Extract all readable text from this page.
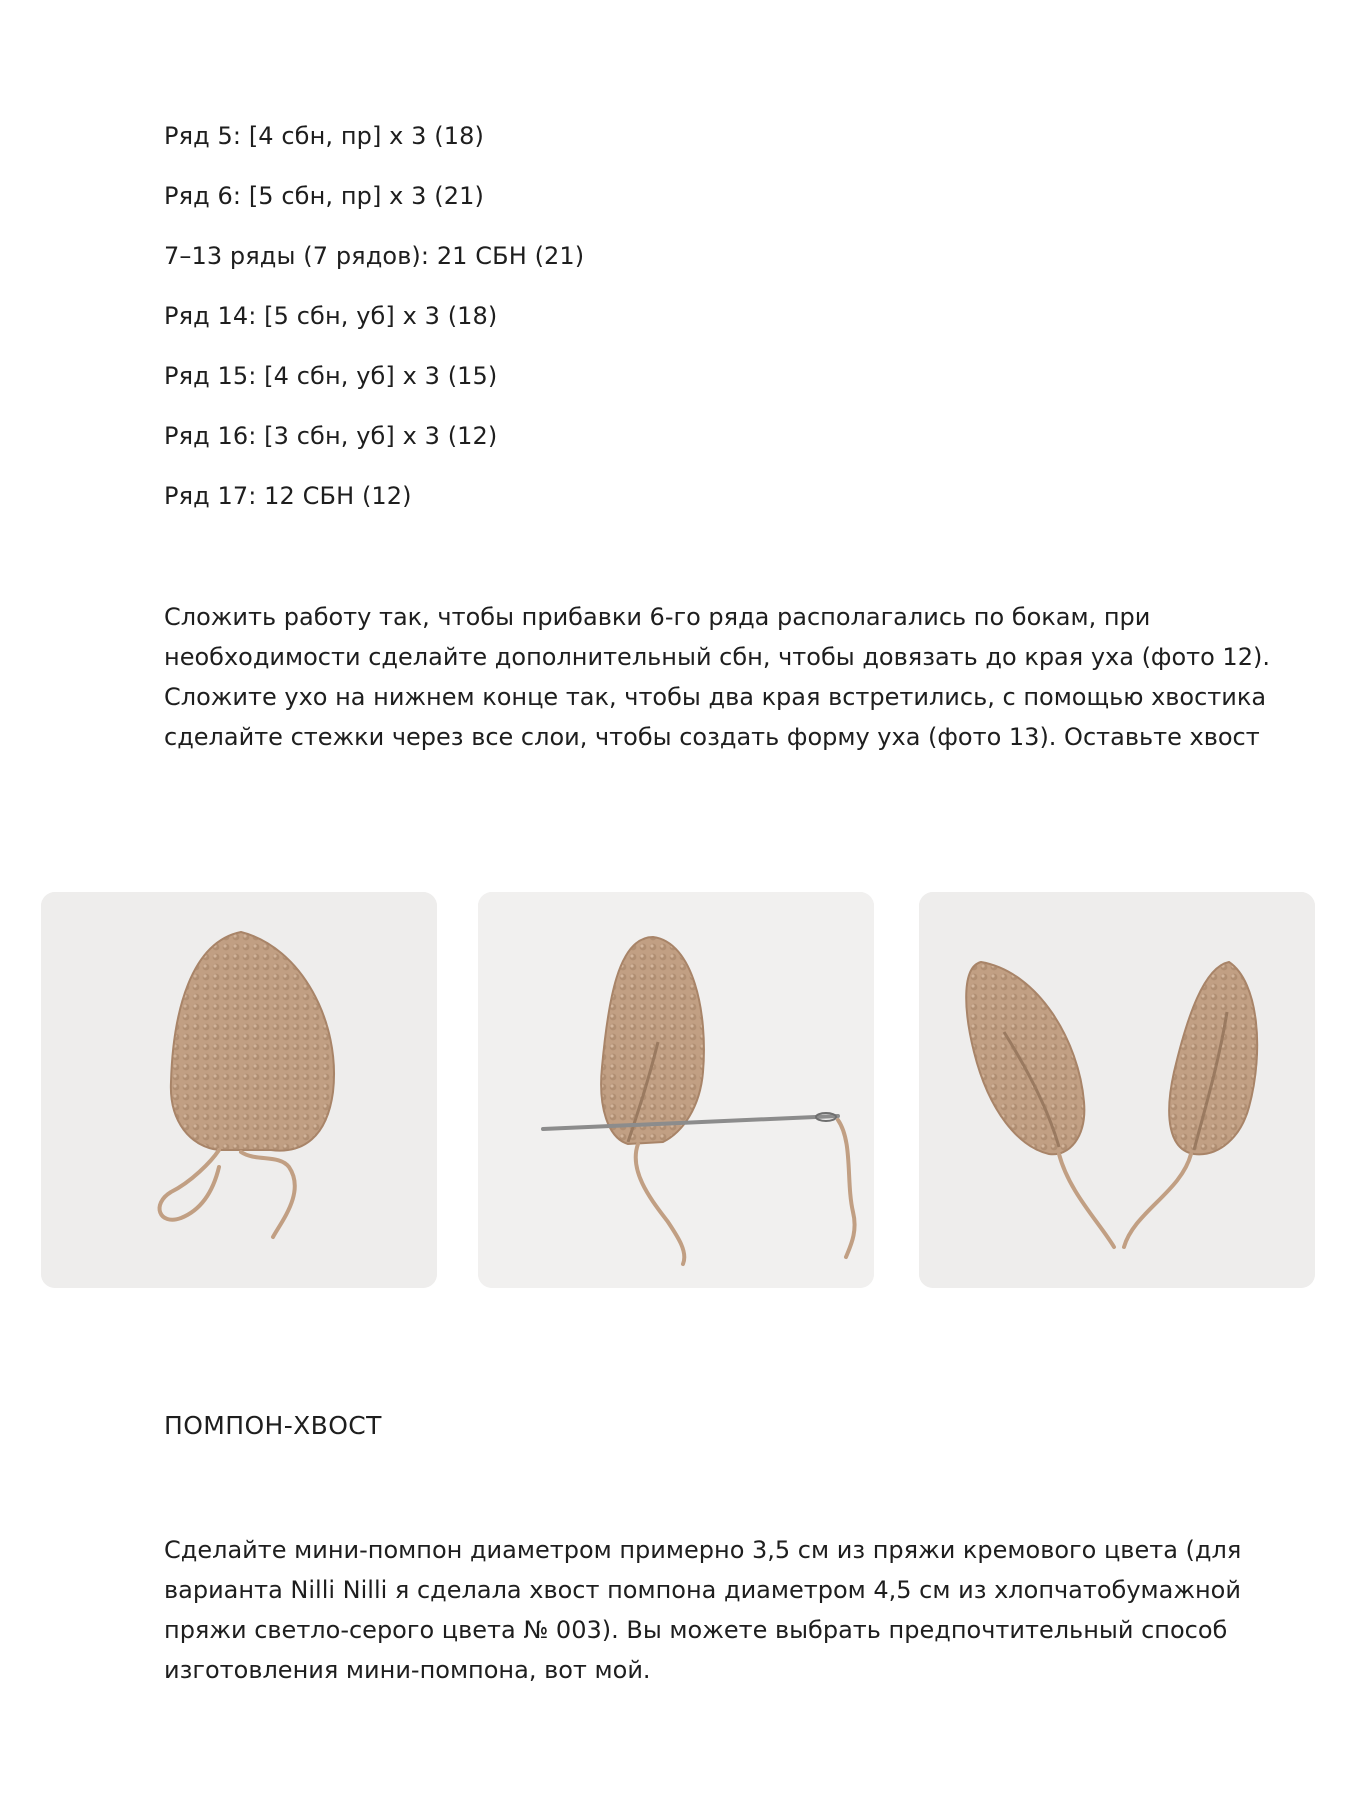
Ряд 5: [4 сбн, пр] x 3 (18)
Ряд 6: [5 сбн, пр] x 3 (21)
7–13 ряды (7 рядов): 21 СБН (21)
Ряд 14: [5 сбн, уб] x 3 (18)
Ряд 15: [4 сбн, уб] x 3 (15)
Ряд 16: [3 сбн, уб] x 3 (12)
Ряд 17: 12 СБН (12)
Сложить работу так, чтобы прибавки 6-го ряда располагались по бокам, при
необходимости сделайте дополнительный сбн, чтобы довязать до края уха (фото 12).
Сложите ухо на нижнем конце так, чтобы два края встретились, с помощью хвостика
сделайте стежки через все слои, чтобы создать форму уха (фото 13). Оставьте хвост
ПОМПОН-ХВОСТ
Сделайте мини-помпон диаметром примерно 3,5 см из пряжи кремового цвета (для
варианта Nilli Nilli я сделала хвост помпона диаметром 4,5 см из хлопчатобумажной
пряжи светло-серого цвета № 003). Вы можете выбрать предпочтительный способ
изготовления мини-помпона, вот мой.
